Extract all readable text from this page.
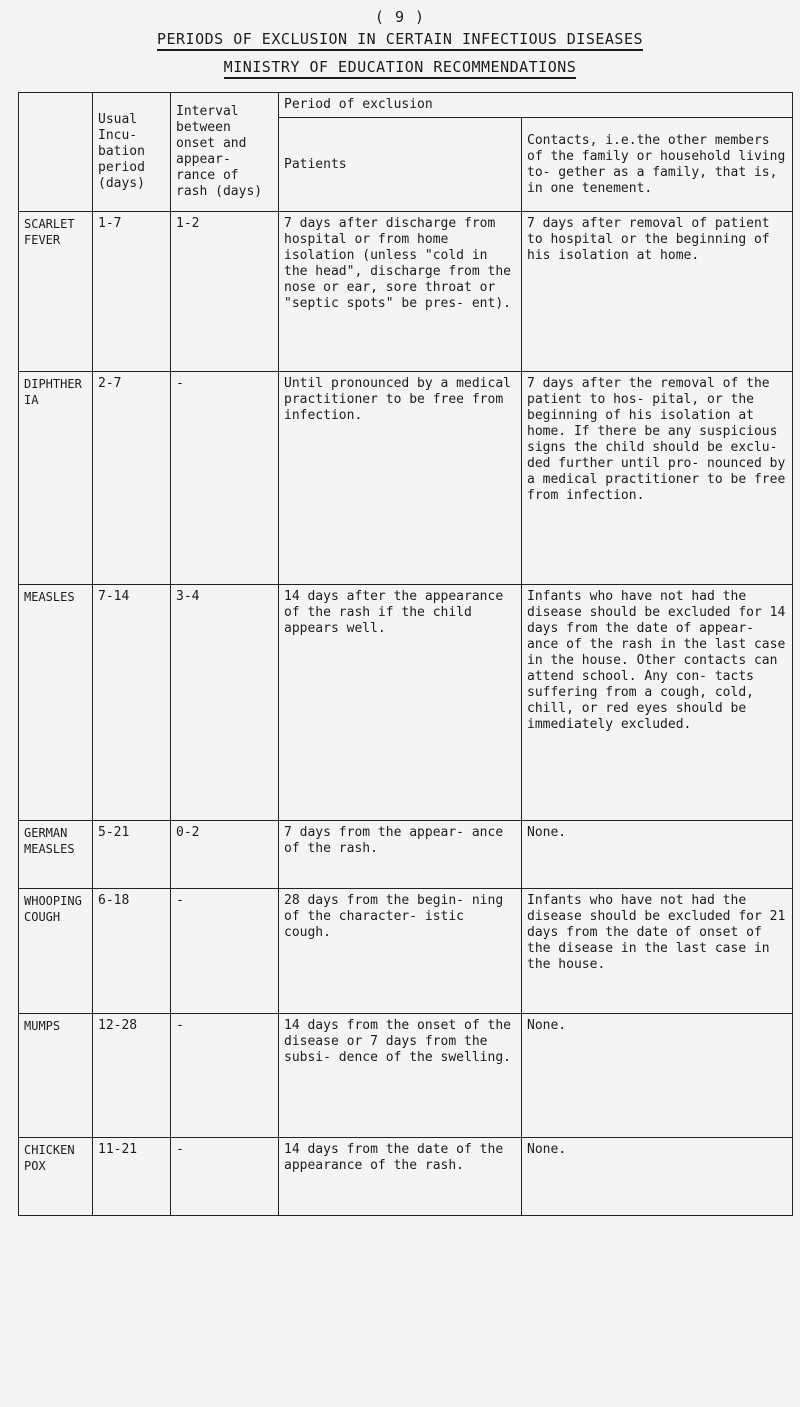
( 9 )
PERIODS OF EXCLUSION IN CERTAIN INFECTIOUS DISEASES
MINISTRY OF EDUCATION RECOMMENDATIONS
	Usual Incu- bation period (days)	Interval between onset and appear- rance of rash (days)	Period of exclusion	
			Patients	Contacts, i.e.the other members of the family or household living to- gether as a family, that is, in one tenement.
SCARLET FEVER	1-7	1-2	7 days after discharge from hospital or from home isolation (unless "cold in the head", discharge from the nose or ear, sore throat or "septic spots" be pres- ent).	7 days after removal of patient to hospital or the beginning of his isolation at home.
DIPHTHERIA	2-7	-	Until pronounced by a medical practitioner to be free from infection.	7 days after the removal of the patient to hos- pital, or the beginning of his isolation at home. If there be any suspicious signs the child should be exclu- ded further until pro- nounced by a medical practitioner to be free from infection.
MEASLES	7-14	3-4	14 days after the appearance of the rash if the child appears well.	Infants who have not had the disease should be excluded for 14 days from the date of appear- ance of the rash in the last case in the house. Other contacts can attend school. Any con- tacts suffering from a cough, cold, chill, or red eyes should be immediately excluded.
GERMAN MEASLES	5-21	0-2	7 days from the appear- ance of the rash.	None.
WHOOPING COUGH	6-18	-	28 days from the begin- ning of the character- istic cough.	Infants who have not had the disease should be excluded for 21 days from the date of onset of the disease in the last case in the house.
MUMPS	12-28	-	14 days from the onset of the disease or 7 days from the subsi- dence of the swelling.	None.
CHICKEN POX	11-21	-	14 days from the date of the appearance of the rash.	None.
